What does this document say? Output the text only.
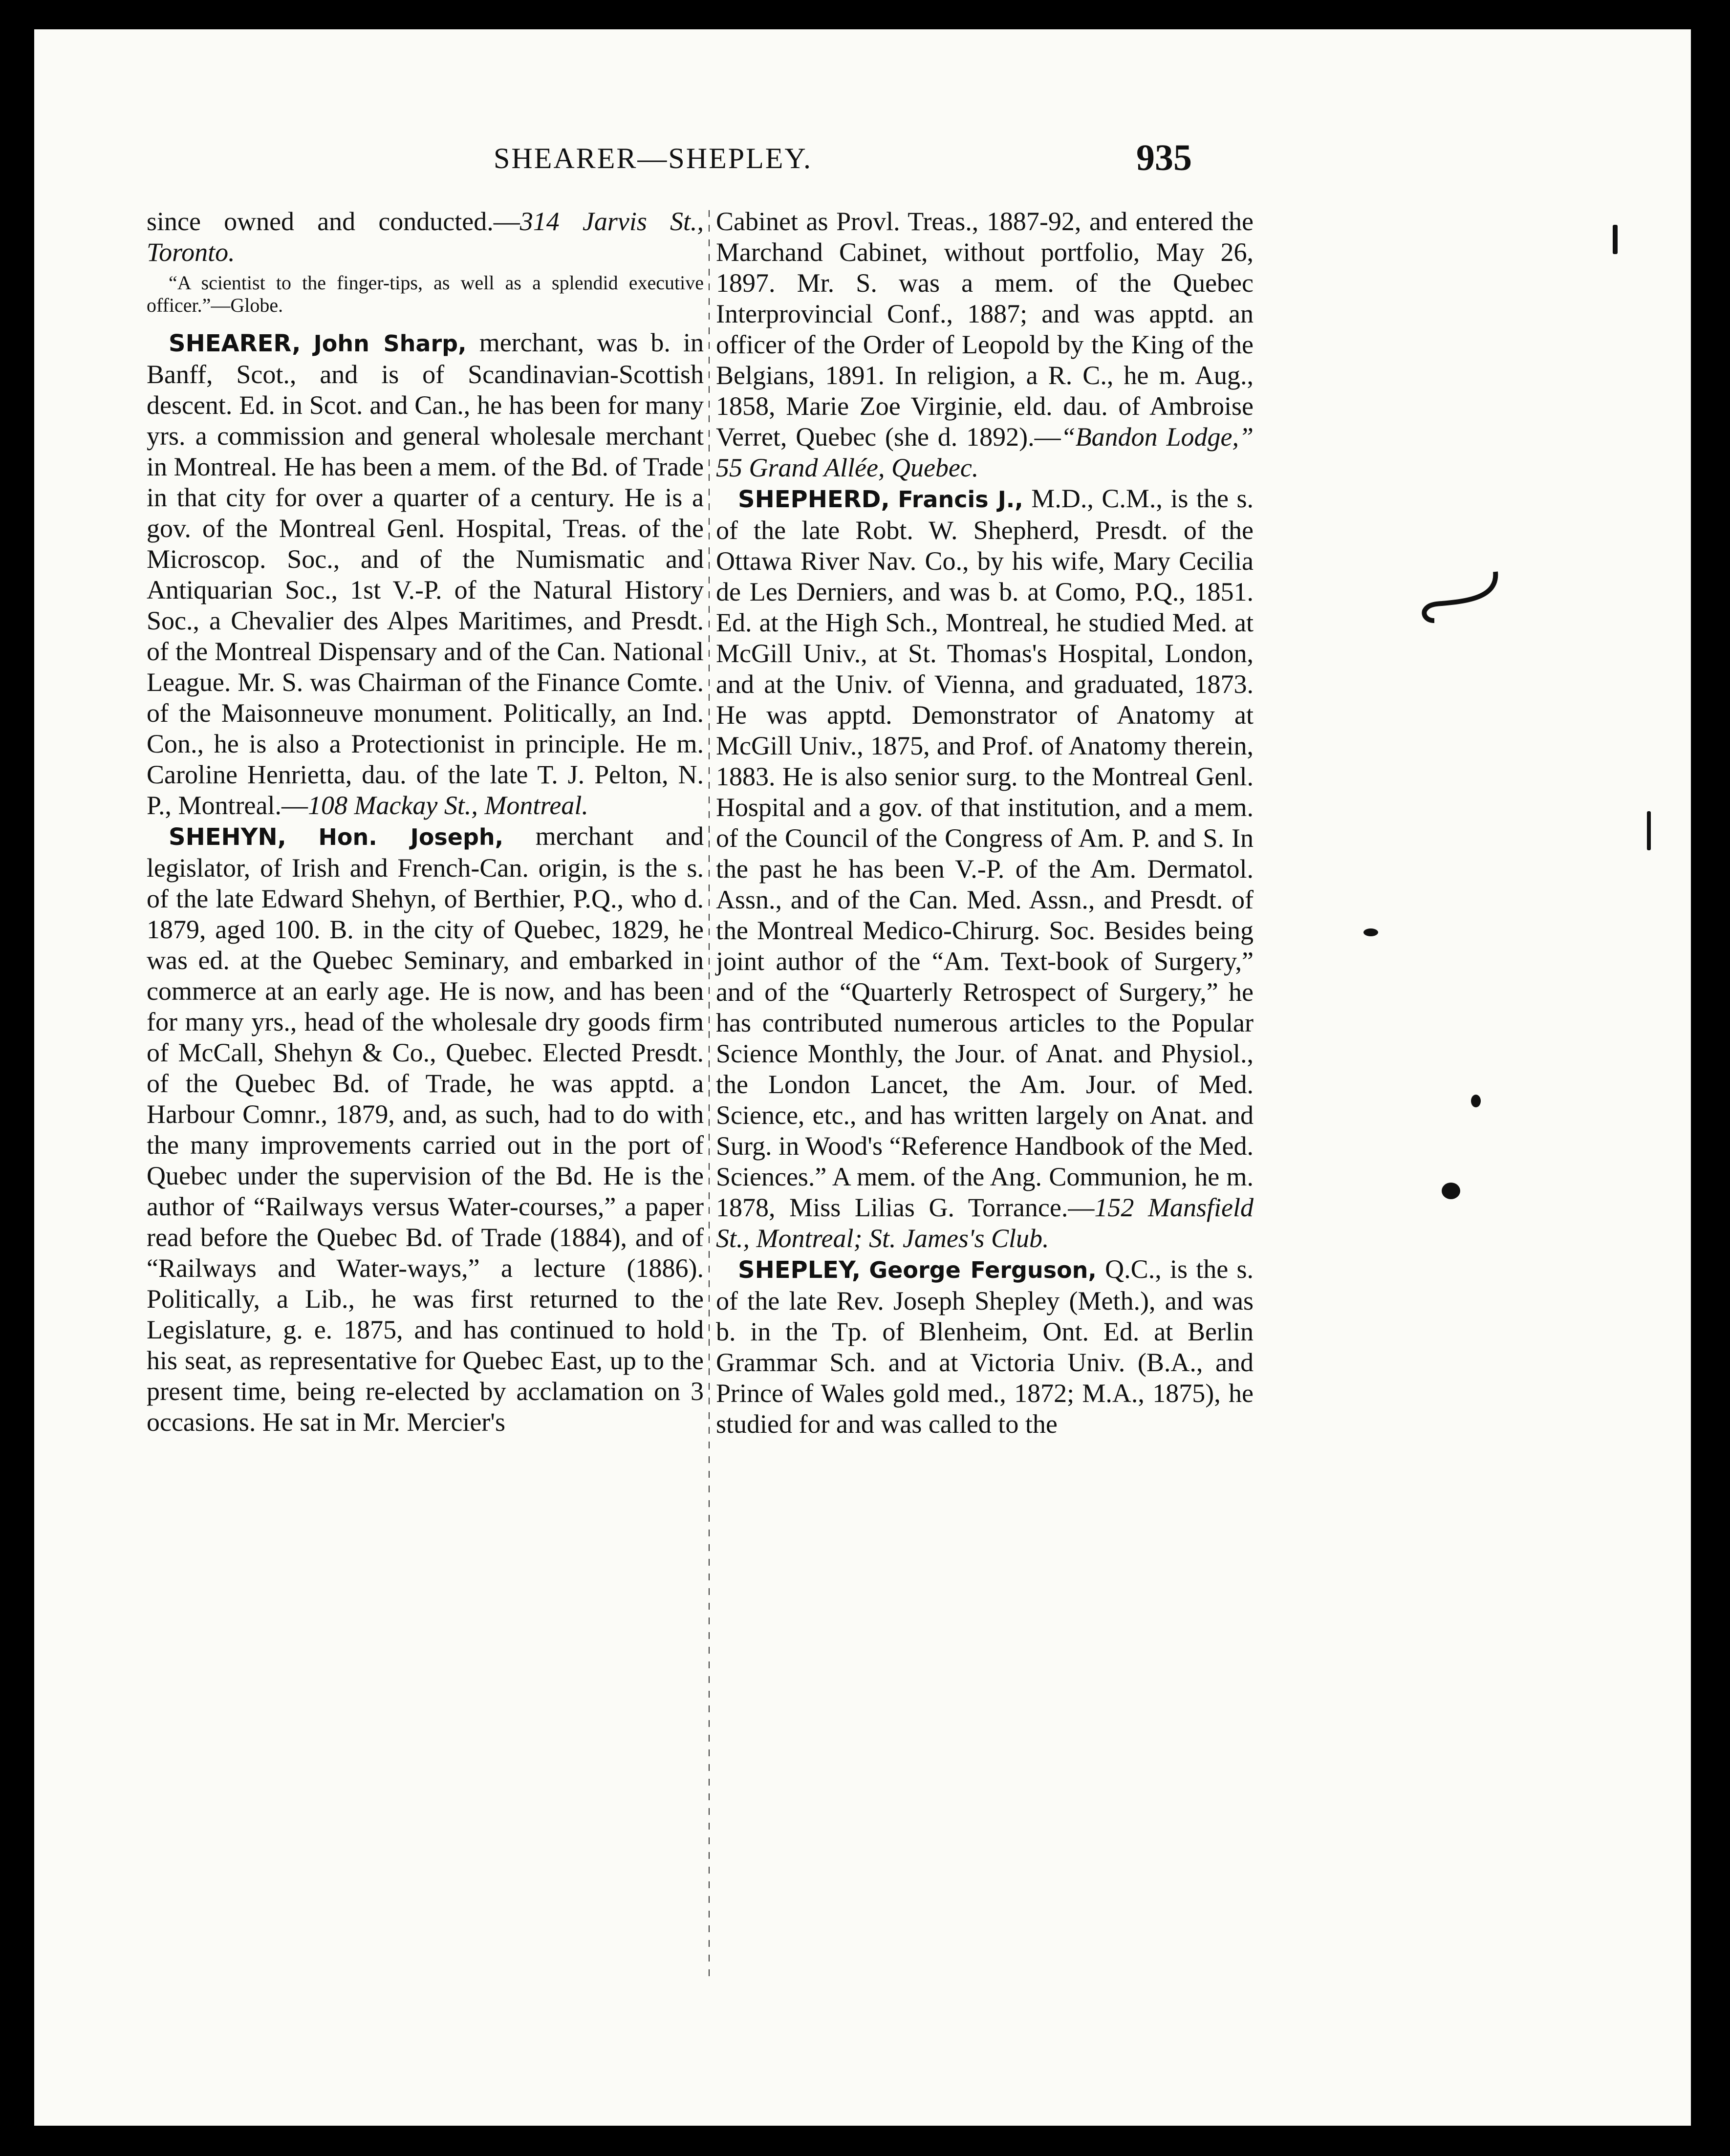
SHEARER—SHEPLEY.	935

since owned and conducted.—314 Jarvis St., Toronto.

“A scientist to the finger-tips, as well as a splendid executive officer.”—Globe.

SHEARER, John Sharp, merchant, was b. in Banff, Scot., and is of Scandinavian-Scottish descent. Ed. in Scot. and Can., he has been for many yrs. a commission and general wholesale merchant in Montreal. He has been a mem. of the Bd. of Trade in that city for over a quarter of a century. He is a gov. of the Montreal Genl. Hospital, Treas. of the Microscop. Soc., and of the Numismatic and Antiquarian Soc., 1st V.-P. of the Natural History Soc., a Chevalier des Alpes Maritimes, and Presdt. of the Montreal Dispensary and of the Can. National League. Mr. S. was Chairman of the Finance Comte. of the Maisonneuve monument. Politically, an Ind. Con., he is also a Protectionist in principle. He m. Caroline Henrietta, dau. of the late T. J. Pelton, N. P., Montreal.—108 Mackay St., Montreal.

SHEHYN, Hon. Joseph, merchant and legislator, of Irish and French-Can. origin, is the s. of the late Edward Shehyn, of Berthier, P.Q., who d. 1879, aged 100. B. in the city of Quebec, 1829, he was ed. at the Quebec Seminary, and embarked in commerce at an early age. He is now, and has been for many yrs., head of the wholesale dry goods firm of McCall, Shehyn & Co., Quebec. Elected Presdt. of the Quebec Bd. of Trade, he was apptd. a Harbour Comnr., 1879, and, as such, had to do with the many improvements carried out in the port of Quebec under the supervision of the Bd. He is the author of “Railways versus Water-courses,” a paper read before the Quebec Bd. of Trade (1884), and of “Railways and Water-ways,” a lecture (1886). Politically, a Lib., he was first returned to the Legislature, g. e. 1875, and has continued to hold his seat, as representative for Quebec East, up to the present time, being re-elected by acclamation on 3 occasions. He sat in Mr. Mercier's

Cabinet as Provl. Treas., 1887-92, and entered the Marchand Cabinet, without portfolio, May 26, 1897. Mr. S. was a mem. of the Quebec Interprovincial Conf., 1887; and was apptd. an officer of the Order of Leopold by the King of the Belgians, 1891. In religion, a R. C., he m. Aug., 1858, Marie Zoe Virginie, eld. dau. of Ambroise Verret, Quebec (she d. 1892).—“Bandon Lodge,” 55 Grand Allée, Quebec.

SHEPHERD, Francis J., M.D., C.M., is the s. of the late Robt. W. Shepherd, Presdt. of the Ottawa River Nav. Co., by his wife, Mary Cecilia de Les Derniers, and was b. at Como, P.Q., 1851. Ed. at the High Sch., Montreal, he studied Med. at McGill Univ., at St. Thomas's Hospital, London, and at the Univ. of Vienna, and graduated, 1873. He was apptd. Demonstrator of Anatomy at McGill Univ., 1875, and Prof. of Anatomy therein, 1883. He is also senior surg. to the Montreal Genl. Hospital and a gov. of that institution, and a mem. of the Council of the Congress of Am. P. and S. In the past he has been V.-P. of the Am. Dermatol. Assn., and of the Can. Med. Assn., and Presdt. of the Montreal Medico-Chirurg. Soc. Besides being joint author of the “Am. Text-book of Surgery,” and of the “Quarterly Retrospect of Surgery,” he has contributed numerous articles to the Popular Science Monthly, the Jour. of Anat. and Physiol., the London Lancet, the Am. Jour. of Med. Science, etc., and has written largely on Anat. and Surg. in Wood's “Reference Handbook of the Med. Sciences.” A mem. of the Ang. Communion, he m. 1878, Miss Lilias G. Torrance.—152 Mansfield St., Montreal; St. James's Club.

SHEPLEY, George Ferguson, Q.C., is the s. of the late Rev. Joseph Shepley (Meth.), and was b. in the Tp. of Blenheim, Ont. Ed. at Berlin Grammar Sch. and at Victoria Univ. (B.A., and Prince of Wales gold med., 1872; M.A., 1875), he studied for and was called to the
